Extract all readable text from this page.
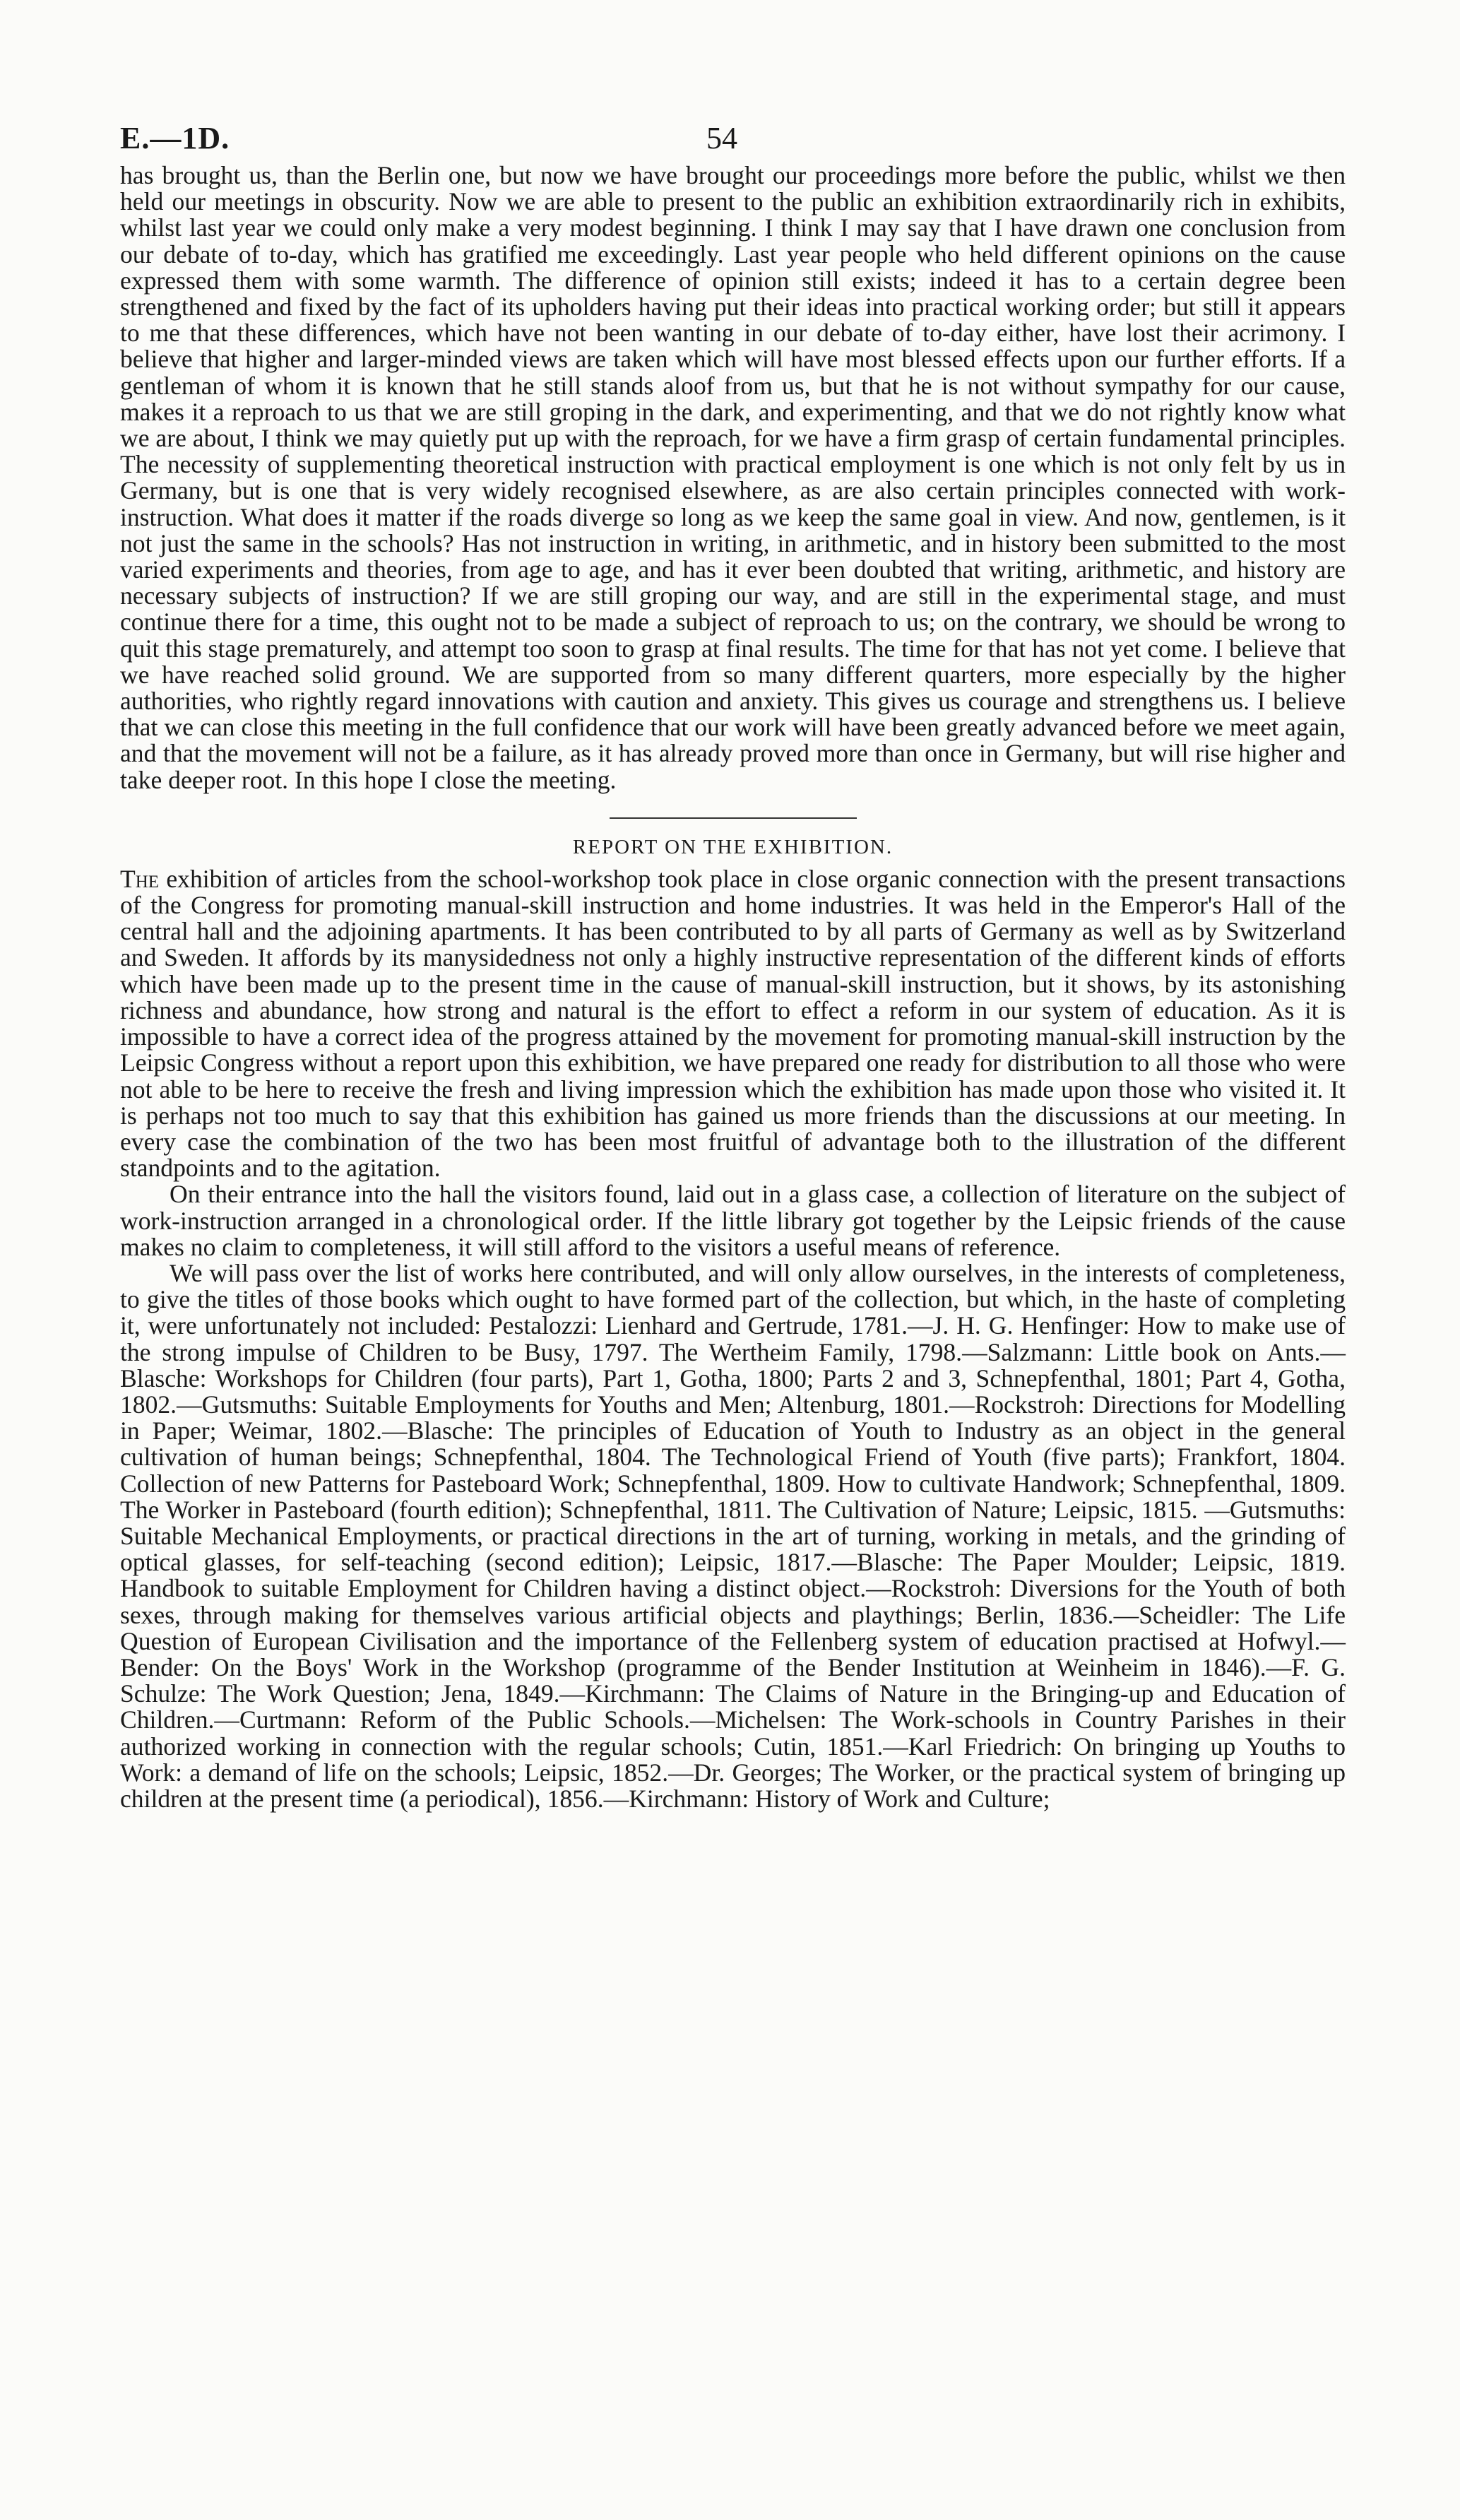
E.—1D.	54

has brought us, than the Berlin one, but now we have brought our proceedings more before the public, whilst we then held our meetings in obscurity. Now we are able to present to the public an exhibition extraordinarily rich in exhibits, whilst last year we could only make a very modest beginning. I think I may say that I have drawn one conclusion from our debate of to-day, which has gratified me exceedingly. Last year people who held different opinions on the cause expressed them with some warmth. The difference of opinion still exists; indeed it has to a certain degree been strengthened and fixed by the fact of its upholders having put their ideas into practical working order; but still it appears to me that these differences, which have not been wanting in our debate of to-day either, have lost their acrimony. I believe that higher and larger-minded views are taken which will have most blessed effects upon our further efforts. If a gentleman of whom it is known that he still stands aloof from us, but that he is not without sympathy for our cause, makes it a reproach to us that we are still groping in the dark, and experimenting, and that we do not rightly know what we are about, I think we may quietly put up with the reproach, for we have a firm grasp of certain fundamental principles. The necessity of supplementing theoretical instruction with practical employment is one which is not only felt by us in Germany, but is one that is very widely recognised elsewhere, as are also certain principles connected with work-instruction. What does it matter if the roads diverge so long as we keep the same goal in view. And now, gentlemen, is it not just the same in the schools? Has not instruction in writing, in arithmetic, and in history been submitted to the most varied experiments and theories, from age to age, and has it ever been doubted that writing, arithmetic, and history are necessary subjects of instruction? If we are still groping our way, and are still in the experimental stage, and must continue there for a time, this ought not to be made a subject of reproach to us; on the contrary, we should be wrong to quit this stage prematurely, and attempt too soon to grasp at final results. The time for that has not yet come. I believe that we have reached solid ground. We are supported from so many different quarters, more especially by the higher authorities, who rightly regard innovations with caution and anxiety. This gives us courage and strengthens us. I believe that we can close this meeting in the full confidence that our work will have been greatly advanced before we meet again, and that the movement will not be a failure, as it has already proved more than once in Germany, but will rise higher and take deeper root. In this hope I close the meeting.

REPORT ON THE EXHIBITION.

The exhibition of articles from the school-workshop took place in close organic connection with the present transactions of the Congress for promoting manual-skill instruction and home industries. It was held in the Emperor's Hall of the central hall and the adjoining apartments. It has been contributed to by all parts of Germany as well as by Switzerland and Sweden. It affords by its manysidedness not only a highly instructive representation of the different kinds of efforts which have been made up to the present time in the cause of manual-skill instruction, but it shows, by its astonishing richness and abundance, how strong and natural is the effort to effect a reform in our system of education. As it is impossible to have a correct idea of the progress attained by the movement for promoting manual-skill instruction by the Leipsic Congress without a report upon this exhibition, we have prepared one ready for distribution to all those who were not able to be here to receive the fresh and living impression which the exhibition has made upon those who visited it. It is perhaps not too much to say that this exhibition has gained us more friends than the discussions at our meeting. In every case the combination of the two has been most fruitful of advantage both to the illustration of the different standpoints and to the agitation.

On their entrance into the hall the visitors found, laid out in a glass case, a collection of literature on the subject of work-instruction arranged in a chronological order. If the little library got together by the Leipsic friends of the cause makes no claim to completeness, it will still afford to the visitors a useful means of reference.

We will pass over the list of works here contributed, and will only allow ourselves, in the interests of completeness, to give the titles of those books which ought to have formed part of the collection, but which, in the haste of completing it, were unfortunately not included: Pestalozzi: Lienhard and Gertrude, 1781.—J. H. G. Henfinger: How to make use of the strong impulse of Children to be Busy, 1797. The Wertheim Family, 1798.—Salzmann: Little book on Ants.—Blasche: Workshops for Children (four parts), Part 1, Gotha, 1800; Parts 2 and 3, Schnepfenthal, 1801; Part 4, Gotha, 1802.—Gutsmuths: Suitable Employments for Youths and Men; Altenburg, 1801.—Rockstroh: Directions for Modelling in Paper; Weimar, 1802.—Blasche: The principles of Education of Youth to Industry as an object in the general cultivation of human beings; Schnepfenthal, 1804. The Technological Friend of Youth (five parts); Frankfort, 1804. Collection of new Patterns for Pasteboard Work; Schnepfenthal, 1809. How to cultivate Handwork; Schnepfenthal, 1809. The Worker in Pasteboard (fourth edition); Schnepfenthal, 1811. The Cultivation of Nature; Leipsic, 1815. —Gutsmuths: Suitable Mechanical Employments, or practical directions in the art of turning, working in metals, and the grinding of optical glasses, for self-teaching (second edition); Leipsic, 1817.—Blasche: The Paper Moulder; Leipsic, 1819. Handbook to suitable Employment for Children having a distinct object.—Rockstroh: Diversions for the Youth of both sexes, through making for themselves various artificial objects and playthings; Berlin, 1836.—Scheidler: The Life Question of European Civilisation and the importance of the Fellenberg system of education practised at Hofwyl.—Bender: On the Boys' Work in the Workshop (programme of the Bender Institution at Weinheim in 1846).—F. G. Schulze: The Work Question; Jena, 1849.—Kirchmann: The Claims of Nature in the Bringing-up and Education of Children.—Curtmann: Reform of the Public Schools.—Michelsen: The Work-schools in Country Parishes in their authorized working in connection with the regular schools; Cutin, 1851.—Karl Friedrich: On bringing up Youths to Work: a demand of life on the schools; Leipsic, 1852.—Dr. Georges; The Worker, or the practical system of bringing up children at the present time (a periodical), 1856.—Kirchmann: History of Work and Culture;
